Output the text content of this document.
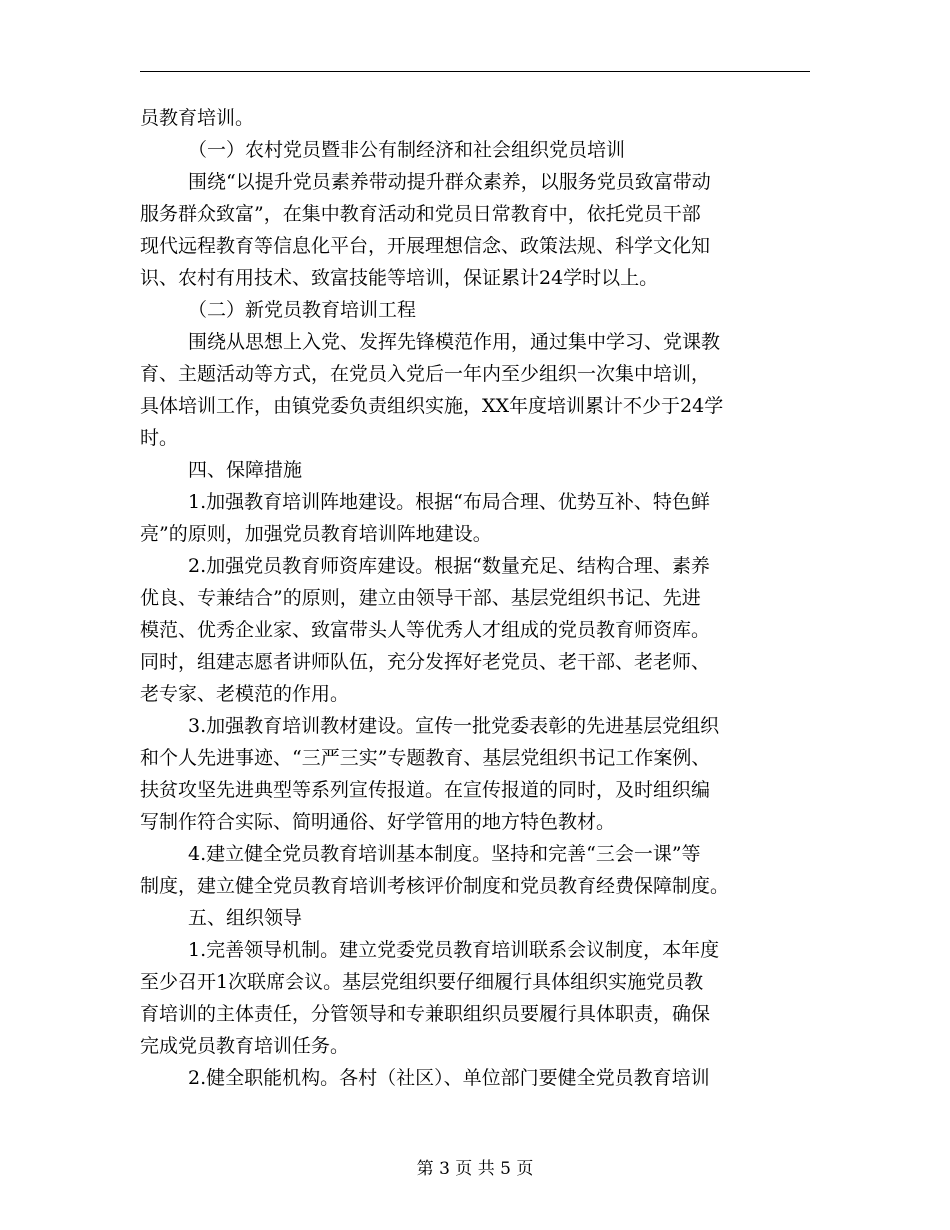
员教育培训。
（一）农村党员暨非公有制经济和社会组织党员培训
围绕“以提升党员素养带动提升群众素养，以服务党员致富带动
服务群众致富”，在集中教育活动和党员日常教育中，依托党员干部
现代远程教育等信息化平台，开展理想信念、政策法规、科学文化知
识、农村有用技术、致富技能等培训，保证累计24学时以上。
（二）新党员教育培训工程
围绕从思想上入党、发挥先锋模范作用，通过集中学习、党课教
育、主题活动等方式，在党员入党后一年内至少组织一次集中培训，
具体培训工作，由镇党委负责组织实施，XX年度培训累计不少于24学
时。
四、保障措施
1.加强教育培训阵地建设。根据“布局合理、优势互补、特色鲜
亮”的原则，加强党员教育培训阵地建设。
2.加强党员教育师资库建设。根据“数量充足、结构合理、素养
优良、专兼结合”的原则，建立由领导干部、基层党组织书记、先进
模范、优秀企业家、致富带头人等优秀人才组成的党员教育师资库。
同时，组建志愿者讲师队伍，充分发挥好老党员、老干部、老老师、
老专家、老模范的作用。
3.加强教育培训教材建设。宣传一批党委表彰的先进基层党组织
和个人先进事迹、“三严三实”专题教育、基层党组织书记工作案例、
扶贫攻坚先进典型等系列宣传报道。在宣传报道的同时，及时组织编
写制作符合实际、简明通俗、好学管用的地方特色教材。
4.建立健全党员教育培训基本制度。坚持和完善“三会一课”等
制度，建立健全党员教育培训考核评价制度和党员教育经费保障制度。
五、组织领导
1.完善领导机制。建立党委党员教育培训联系会议制度，本年度
至少召开1次联席会议。基层党组织要仔细履行具体组织实施党员教
育培训的主体责任，分管领导和专兼职组织员要履行具体职责，确保
完成党员教育培训任务。
2.健全职能机构。各村（社区）、单位部门要健全党员教育培训
第 3 页 共 5 页
